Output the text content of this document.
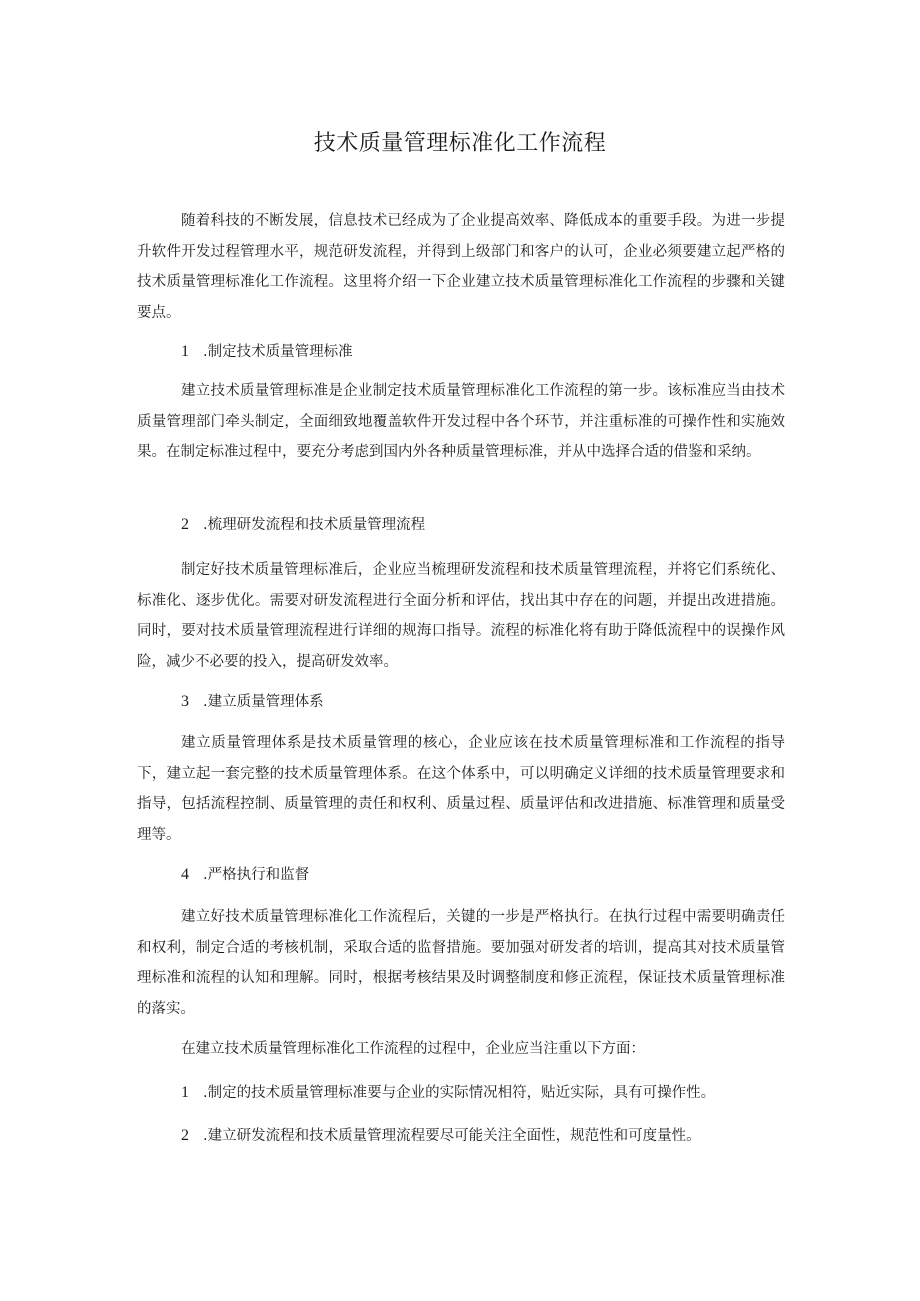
技术质量管理标准化工作流程

随着科技的不断发展，信息技术已经成为了企业提高效率、降低成本的重要手段。为进一步提升软件开发过程管理水平，规范研发流程，并得到上级部门和客户的认可，企业必须要建立起严格的技术质量管理标准化工作流程。这里将介绍一下企业建立技术质量管理标准化工作流程的步骤和关键要点。

1 .制定技术质量管理标准

建立技术质量管理标准是企业制定技术质量管理标准化工作流程的第一步。该标准应当由技术质量管理部门牵头制定，全面细致地覆盖软件开发过程中各个环节，并注重标准的可操作性和实施效果。在制定标准过程中，要充分考虑到国内外各种质量管理标准，并从中选择合适的借鉴和采纳。

2 .梳理研发流程和技术质量管理流程

制定好技术质量管理标准后，企业应当梳理研发流程和技术质量管理流程，并将它们系统化、标准化、逐步优化。需要对研发流程进行全面分析和评估，找出其中存在的问题，并提出改进措施。同时，要对技术质量管理流程进行详细的规海口指导。流程的标准化将有助于降低流程中的误操作风险，减少不必要的投入，提高研发效率。

3 .建立质量管理体系

建立质量管理体系是技术质量管理的核心，企业应该在技术质量管理标准和工作流程的指导下，建立起一套完整的技术质量管理体系。在这个体系中，可以明确定义详细的技术质量管理要求和指导，包括流程控制、质量管理的责任和权利、质量过程、质量评估和改进措施、标准管理和质量受理等。

4 .严格执行和监督

建立好技术质量管理标准化工作流程后，关键的一步是严格执行。在执行过程中需要明确责任和权利，制定合适的考核机制，采取合适的监督措施。要加强对研发者的培训，提高其对技术质量管理标准和流程的认知和理解。同时，根据考核结果及时调整制度和修正流程，保证技术质量管理标准的落实。

在建立技术质量管理标准化工作流程的过程中，企业应当注重以下方面：

1 .制定的技术质量管理标准要与企业的实际情况相符，贴近实际，具有可操作性。
2 .建立研发流程和技术质量管理流程要尽可能关注全面性，规范性和可度量性。
